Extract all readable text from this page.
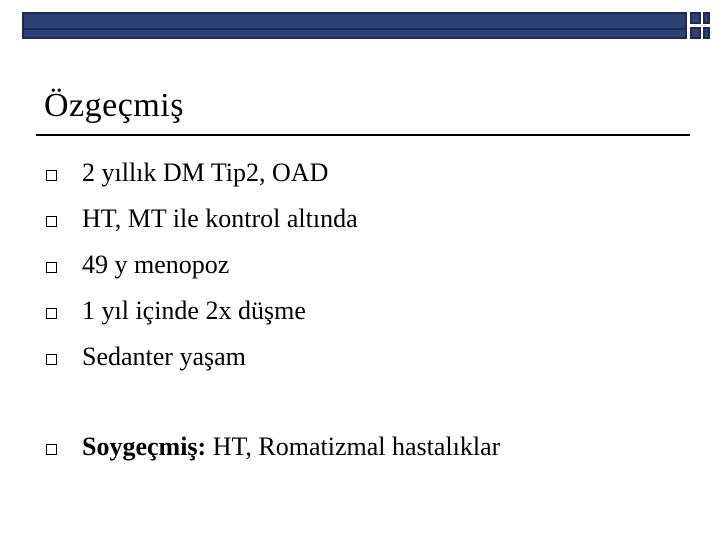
Özgeçmiş
2 yıllık DM Tip2, OAD
HT, MT ile kontrol altında
49 y menopoz
1 yıl içinde 2x düşme
Sedanter yaşam
Soygeçmiş: HT, Romatizmal hastalıklar
